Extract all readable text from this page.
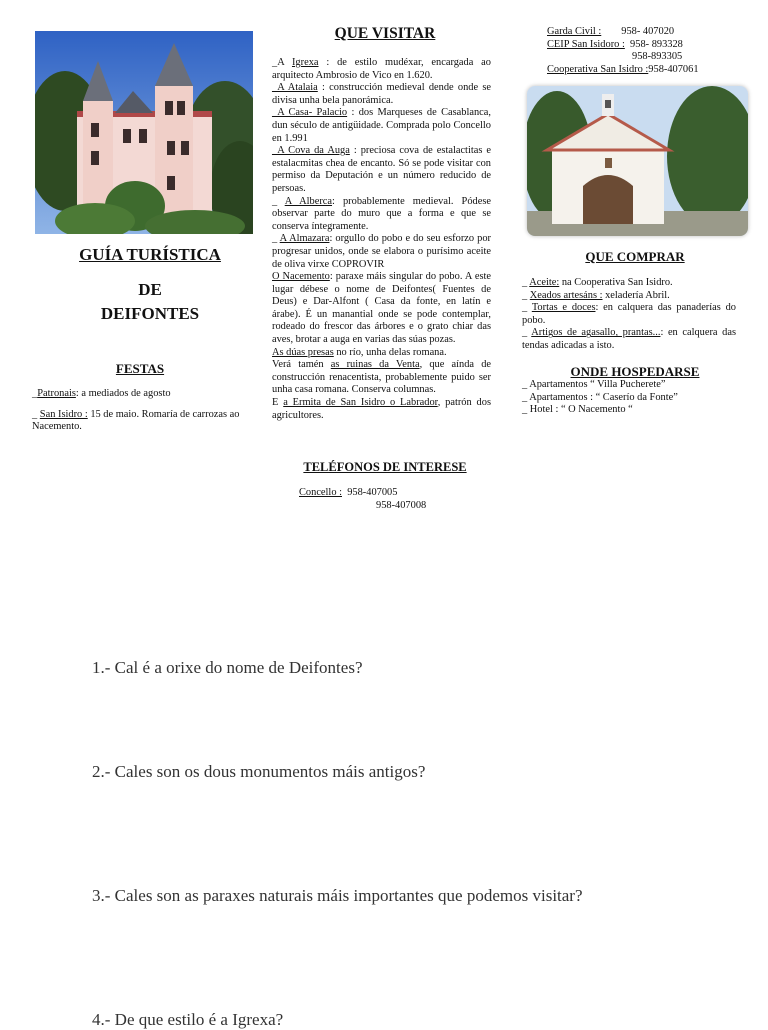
GUÍA TURÍSTICA
DE
DEIFONTES
FESTAS

_Patronais: a mediados de agosto

_ San Isidro : 15 de maio. Romaría de carrozas ao Nacemento.

QUE VISITAR

_A Igrexa : de estilo mudéxar, encargada ao arquitecto Ambrosio de Vico en 1.620.

_A Atalaia : construcción medieval dende onde se divisa unha bela panorámica.

_A Casa- Palacio : dos Marqueses de Casablanca, dun século de antigüidade. Comprada polo Concello en 1.991

_A Cova da Auga : preciosa cova de estalactitas e estalacmitas chea de encanto. Só se pode visitar con permiso da Deputación e un número reducido de persoas.

_ A Alberca: probablemente medieval. Pódese observar parte do muro que a forma e que se conserva íntegramente.

_ A Almazara: orgullo do pobo e do seu esforzo por progresar unidos, onde se elabora o purísimo aceite de oliva virxe COPROVIR

O Nacemento: paraxe máis singular do pobo. A este lugar débese o nome de Deifontes( Fuentes de Deus) e Dar-Alfont ( Casa da fonte, en latín e árabe). É un manantial onde se pode contemplar, rodeado do frescor das árbores e o grato chiar das aves, brotar a auga en varias das súas pozas.

As dúas presas no río, unha delas romana.

Verá tamén as ruinas da Venta, que aínda de construcción renacentista, probablemente puido ser unha casa romana. Conserva columnas.

E a Ermita de San Isidro o Labrador, patrón dos agricultores.

TELÉFONOS DE INTERESE
Concello : 958-407005
958-407008
Garda Civil : 958- 407020
CEIP San Isidoro : 958- 893328
958-893305
Cooperativa San Isidro :958-407061
QUE COMPRAR

_ Aceite: na Cooperativa San Isidro.

_ Xeados artesáns : xeladería Abril.

_ Tortas e doces: en calquera das panaderías do pobo.

_ Artigos de agasallo, prantas...: en calquera das tendas adicadas a isto.

ONDE HOSPEDARSE

_ Apartamentos “ Villa Pucherete”

_ Apartamentos : “ Caserío da Fonte”

_ Hotel : “ O Nacemento “

1.- Cal é a orixe do nome de Deifontes?
2.- Cales son os dous monumentos máis antigos?
3.- Cales son as paraxes naturais máis importantes que podemos visitar?
4.- De que estilo é a Igrexa?
